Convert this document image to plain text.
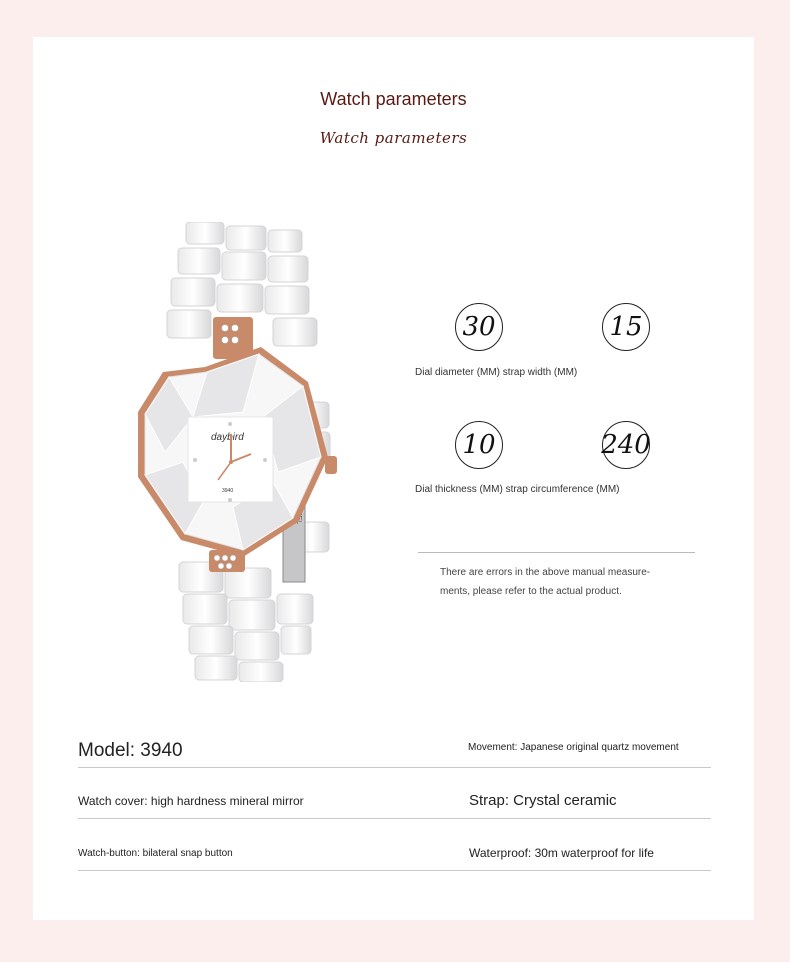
Watch parameters
Watch parameters
daybird
3940
30	15
Dial diameter (MM) strap width (MM)
10	240
Dial thickness (MM) strap circumference (MM)
There are errors in the above manual measure-
ments, please refer to the actual product.
Model: 3940	Movement: Japanese original quartz movement
Watch cover: high hardness mineral mirror	Strap: Crystal ceramic
Watch-button: bilateral snap button	Waterproof: 30m waterproof for life
